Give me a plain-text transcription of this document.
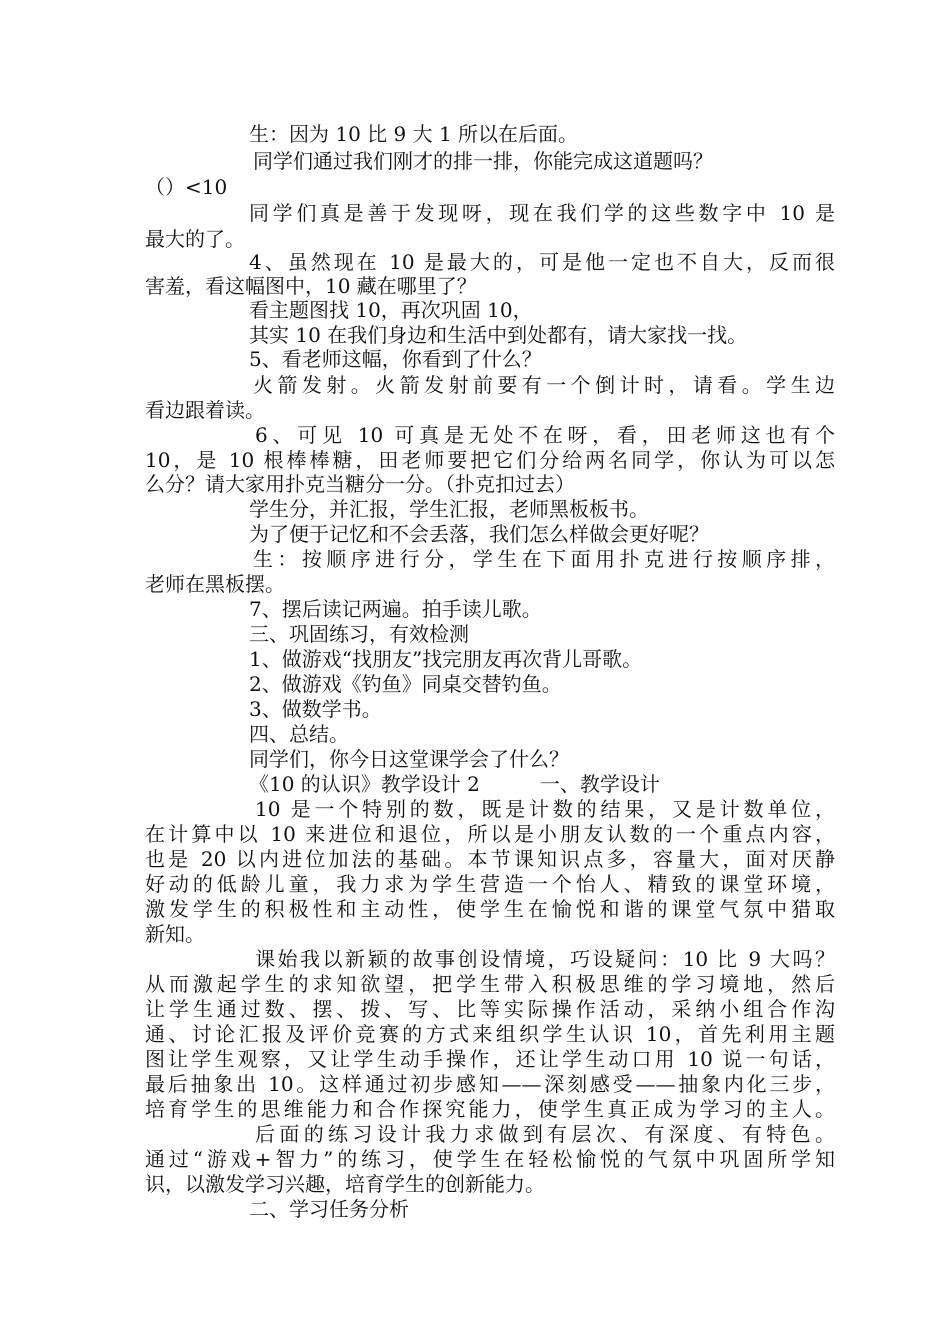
生：因为 10 比 9 大 1 所以在后面。
同学们通过我们刚才的排一排，你能完成这道题吗？
（）<10
同学们真是善于发现呀，现在我们学的这些数字中 10 是
最大的了。
4、虽然现在 10 是最大的，可是他一定也不自大，反而很
害羞，看这幅图中，10 藏在哪里了？
看主题图找 10，再次巩固 10，
其实 10 在我们身边和生活中到处都有，请大家找一找。
5、看老师这幅，你看到了什么？
火箭发射。火箭发射前要有一个倒计时，请看。学生边
看边跟着读。
6、可见 10 可真是无处不在呀，看，田老师这也有个
10，是 10 根棒棒糖，田老师要把它们分给两名同学，你认为可以怎
么分？请大家用扑克当糖分一分。（扑克扣过去）
学生分，并汇报，学生汇报，老师黑板板书。
为了便于记忆和不会丢落，我们怎么样做会更好呢？
生：按顺序进行分，学生在下面用扑克进行按顺序排，
老师在黑板摆。
7、摆后读记两遍。拍手读儿歌。
三、巩固练习，有效检测
1、做游戏“找朋友”找完朋友再次背儿哥歌。
2、做游戏《钓鱼》同桌交替钓鱼。
3、做数学书。
四、总结。
同学们，你今日这堂课学会了什么？
《10 的认识》教学设计 2　　　一、教学设计
10 是一个特别的数，既是计数的结果，又是计数单位，
在计算中以 10 来进位和退位，所以是小朋友认数的一个重点内容，
也是 20 以内进位加法的基础。本节课知识点多，容量大，面对厌静
好动的低龄儿童，我力求为学生营造一个怡人、精致的课堂环境，
激发学生的积极性和主动性，使学生在愉悦和谐的课堂气氛中猎取
新知。
课始我以新颖的故事创设情境，巧设疑问：10 比 9 大吗？
从而激起学生的求知欲望，把学生带入积极思维的学习境地，然后
让学生通过数、摆、拨、写、比等实际操作活动，采纳小组合作沟
通、讨论汇报及评价竞赛的方式来组织学生认识 10，首先利用主题
图让学生观察，又让学生动手操作，还让学生动口用 10 说一句话，
最后抽象出 10。这样通过初步感知——深刻感受——抽象内化三步，
培育学生的思维能力和合作探究能力，使学生真正成为学习的主人。
后面的练习设计我力求做到有层次、有深度、有特色。
通过“游戏+智力”的练习，使学生在轻松愉悦的气氛中巩固所学知
识，以激发学习兴趣，培育学生的创新能力。
二、学习任务分析
